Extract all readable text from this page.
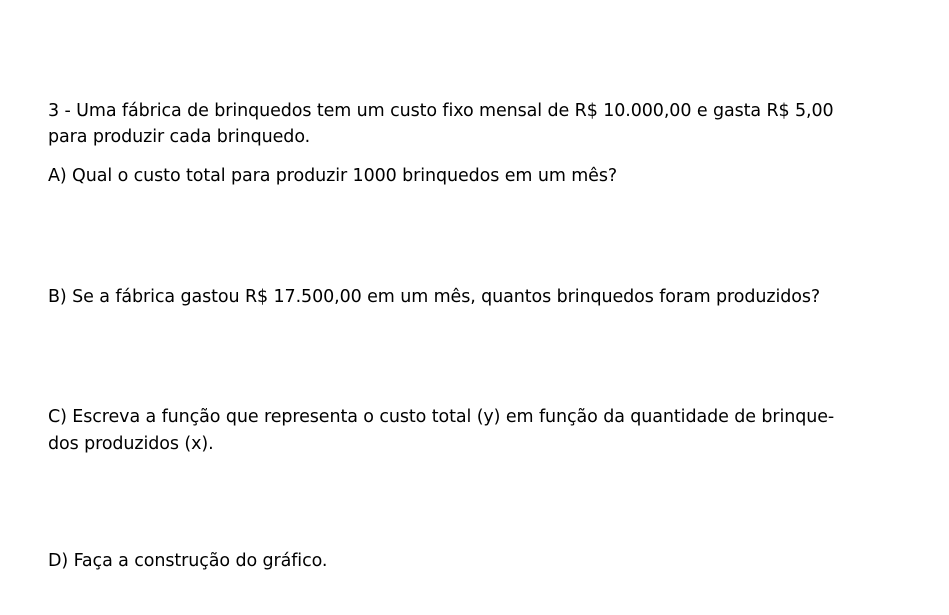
3 - Uma fábrica de brinquedos tem um custo fixo mensal de R$ 10.000,00 e gasta R$ 5,00
para produzir cada brinquedo.
A) Qual o custo total para produzir 1000 brinquedos em um mês?
B) Se a fábrica gastou R$ 17.500,00 em um mês, quantos brinquedos foram produzidos?
C) Escreva a função que representa o custo total (y) em função da quantidade de brinque-
dos produzidos (x).
D) Faça a construção do gráfico.
